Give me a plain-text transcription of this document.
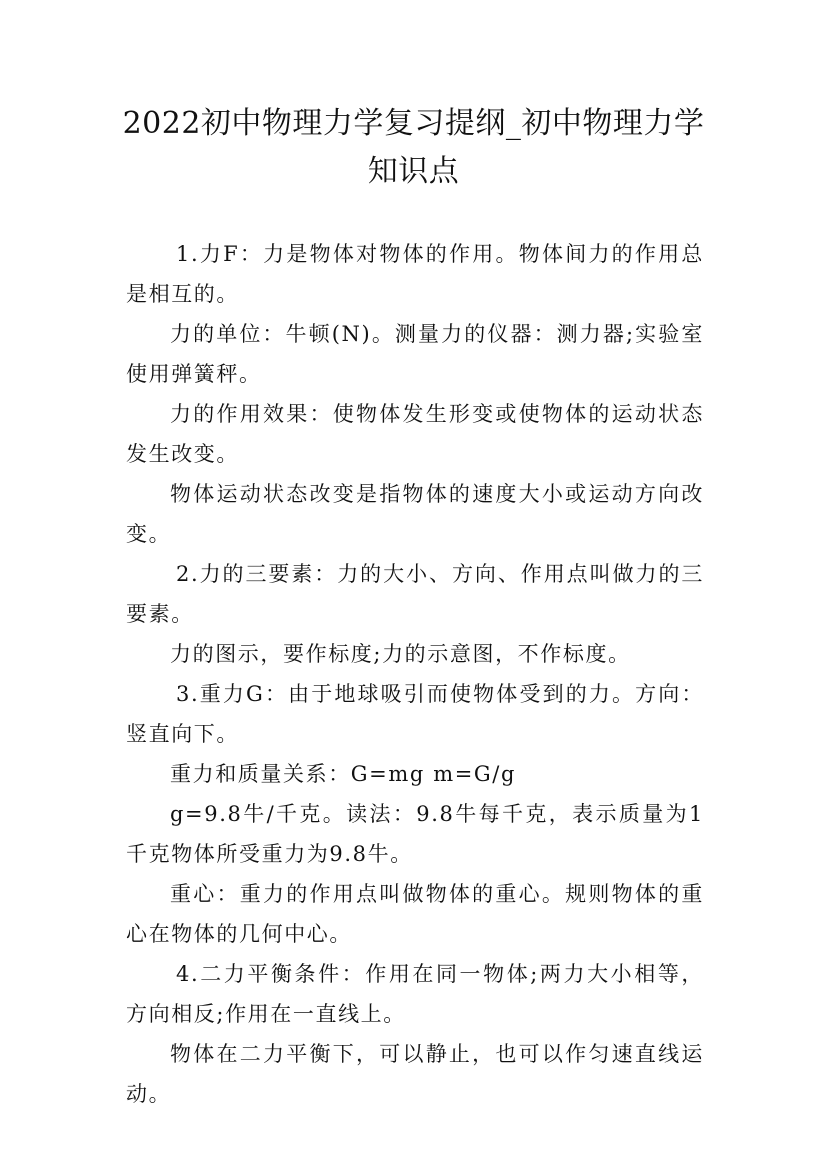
2022初中物理力学复习提纲_初中物理力学
知识点

1.力F：力是物体对物体的作用。物体间力的作用总是相互的。

力的单位：牛顿(N)。测量力的仪器：测力器;实验室使用弹簧秤。

力的作用效果：使物体发生形变或使物体的运动状态发生改变。

物体运动状态改变是指物体的速度大小或运动方向改变。

2.力的三要素：力的大小、方向、作用点叫做力的三要素。

力的图示，要作标度;力的示意图，不作标度。

3.重力G：由于地球吸引而使物体受到的力。方向：竖直向下。

重力和质量关系：G=mg m=G/g

g=9.8牛/千克。读法：9.8牛每千克，表示质量为1千克物体所受重力为9.8牛。

重心：重力的作用点叫做物体的重心。规则物体的重心在物体的几何中心。

4.二力平衡条件：作用在同一物体;两力大小相等，方向相反;作用在一直线上。

物体在二力平衡下，可以静止，也可以作匀速直线运动。
